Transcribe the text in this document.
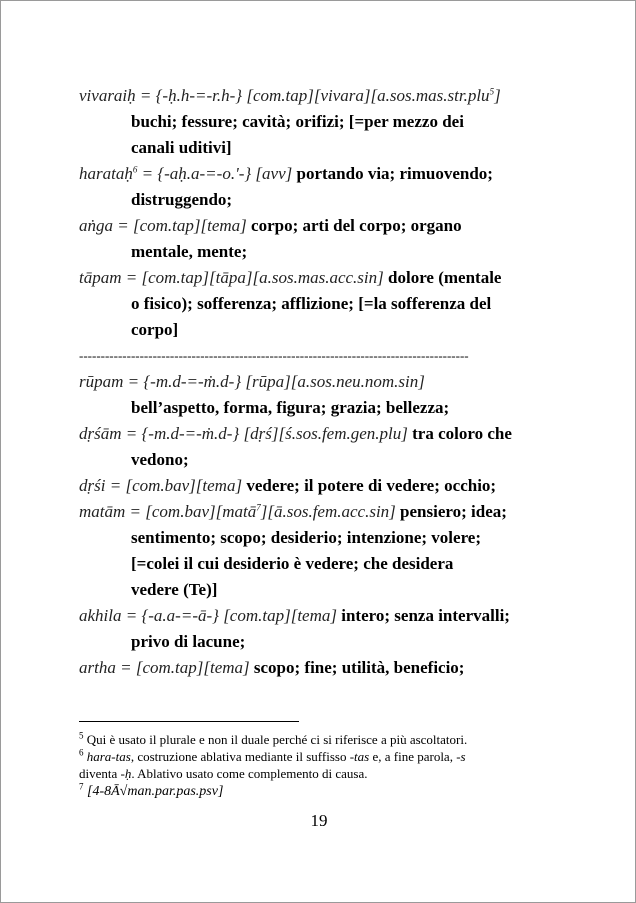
vivaraiḥ = {-ḥ.h-=-r.h-} [com.tap][vivara][a.sos.mas.str.plu$^5$]
buchi; fessure; cavità; orifizi; [=per mezzo dei
canali uditivi]
harataḥ$^6$ = {-aḥ.a-=-o.'-} [avv] portando via; rimuovendo;
distruggendo;
aṅga = [com.tap][tema] corpo; arti del corpo; organo
mentale, mente;
tāpam = [com.tap][tāpa][a.sos.mas.acc.sin] dolore (mentale
o fisico); sofferenza; afflizione; [=la sofferenza del
corpo]
------------------------------------------------------------------------------------------
rūpam = {-m.d-=-ṁ.d-} [rūpa][a.sos.neu.nom.sin]
bell’aspetto, forma, figura; grazia; bellezza;
dṛśām = {-m.d-=-ṁ.d-} [dṛś][ś.sos.fem.gen.plu] tra coloro che
vedono;
dṛśi = [com.bav][tema] vedere; il potere di vedere; occhio;
matām = [com.bav][matā$^7$][ā.sos.fem.acc.sin] pensiero; idea;
sentimento; scopo; desiderio; intenzione; volere;
[=colei il cui desiderio è vedere; che desidera
vedere (Te)]
akhila = {-a.a-=-ā-} [com.tap][tema] intero; senza intervalli;
privo di lacune;
artha = [com.tap][tema] scopo; fine; utilità, beneficio;
$^5$ Qui è usato il plurale e non il duale perché ci si riferisce a più ascoltatori.
$^6$ hara-tas, costruzione ablativa mediante il suffisso -tas e, a fine parola, -s
diventa -ḥ. Ablativo usato come complemento di causa.
$^7$ [4-8Ā√man.par.pas.psv]
19
